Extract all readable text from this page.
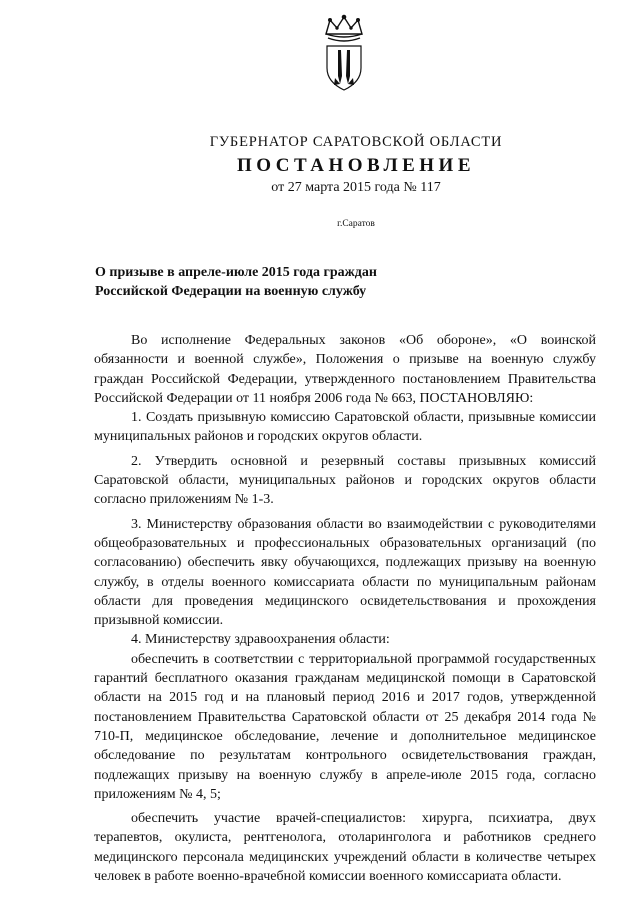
ГУБЕРНАТОР САРАТОВСКОЙ ОБЛАСТИ
ПОСТАНОВЛЕНИЕ
от 27 марта 2015 года № 117
г.Саратов
О призыве в апреле-июле 2015 года граждан
Российской Федерации на военную службу

Во исполнение Федеральных законов «Об обороне», «О воинской обязанности и военной службе», Положения о призыве на военную службу граждан Российской Федерации, утвержденного постановлением Правительства Российской Федерации от 11 ноября 2006 года № 663, ПОСТАНОВЛЯЮ:

1. Создать призывную комиссию Саратовской области, призывные комиссии муниципальных районов и городских округов области.

2. Утвердить основной и резервный составы призывных комиссий Саратовской области, муниципальных районов и городских округов области согласно приложениям № 1-3.

3. Министерству образования области во взаимодействии с руководителями общеобразовательных и профессиональных образовательных организаций (по согласованию) обеспечить явку обучающихся, подлежащих призыву на военную службу, в отделы военного комиссариата области по муниципальным районам области для проведения медицинского освидетельствования и прохождения призывной комиссии.

4. Министерству здравоохранения области:

обеспечить в соответствии с территориальной программой государственных гарантий бесплатного оказания гражданам медицинской помощи в Саратовской области на 2015 год и на плановый период 2016 и 2017 годов, утвержденной постановлением Правительства Саратовской области от 25 декабря 2014 года № 710-П, медицинское обследование, лечение и дополнительное медицинское обследование по результатам контрольного освидетельствования граждан, подлежащих призыву на военную службу в апреле-июле 2015 года, согласно приложениям № 4, 5;

обеспечить участие врачей-специалистов: хирурга, психиатра, двух терапевтов, окулиста, рентгенолога, отоларинголога и работников среднего медицинского персонала медицинских учреждений области в количестве четырех человек в работе военно-врачебной комиссии военного комиссариата области.
